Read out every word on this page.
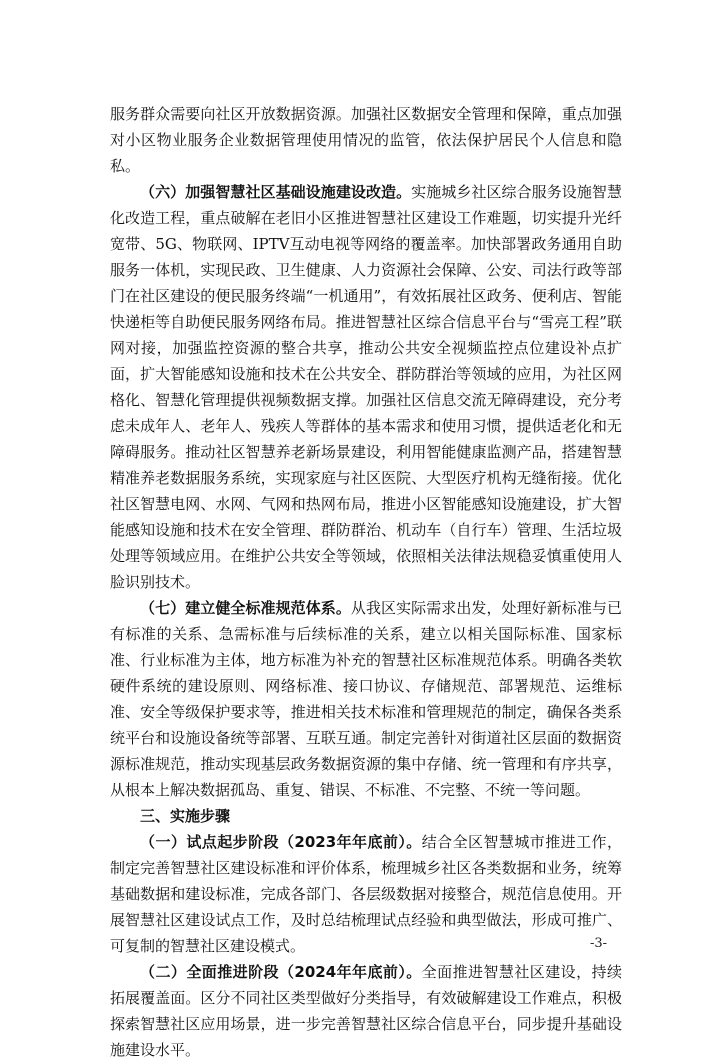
服务群众需要向社区开放数据资源。加强社区数据安全管理和保障，重点加强对小区物业服务企业数据管理使用情况的监管，依法保护居民个人信息和隐私。

（六）加强智慧社区基础设施建设改造。实施城乡社区综合服务设施智慧化改造工程，重点破解在老旧小区推进智慧社区建设工作难题，切实提升光纤宽带、5G、物联网、IPTV互动电视等网络的覆盖率。加快部署政务通用自助服务一体机，实现民政、卫生健康、人力资源社会保障、公安、司法行政等部门在社区建设的便民服务终端“一机通用”，有效拓展社区政务、便利店、智能快递柜等自助便民服务网络布局。推进智慧社区综合信息平台与“雪亮工程”联网对接，加强监控资源的整合共享，推动公共安全视频监控点位建设补点扩面，扩大智能感知设施和技术在公共安全、群防群治等领域的应用，为社区网格化、智慧化管理提供视频数据支撑。加强社区信息交流无障碍建设，充分考虑未成年人、老年人、残疾人等群体的基本需求和使用习惯，提供适老化和无障碍服务。推动社区智慧养老新场景建设，利用智能健康监测产品，搭建智慧精准养老数据服务系统，实现家庭与社区医院、大型医疗机构无缝衔接。优化社区智慧电网、水网、气网和热网布局，推进小区智能感知设施建设，扩大智能感知设施和技术在安全管理、群防群治、机动车（自行车）管理、生活垃圾处理等领域应用。在维护公共安全等领域，依照相关法律法规稳妥慎重使用人脸识别技术。

（七）建立健全标准规范体系。从我区实际需求出发，处理好新标准与已有标准的关系、急需标准与后续标准的关系，建立以相关国际标准、国家标准、行业标准为主体，地方标准为补充的智慧社区标准规范体系。明确各类软硬件系统的建设原则、网络标准、接口协议、存储规范、部署规范、运维标准、安全等级保护要求等，推进相关技术标准和管理规范的制定，确保各类系统平台和设施设备统等部署、互联互通。制定完善针对街道社区层面的数据资源标准规范，推动实现基层政务数据资源的集中存储、统一管理和有序共享，从根本上解决数据孤岛、重复、错误、不标准、不完整、不统一等问题。

三、实施步骤

（一）试点起步阶段（2023年年底前）。结合全区智慧城市推进工作，制定完善智慧社区建设标准和评价体系，梳理城乡社区各类数据和业务，统筹基础数据和建设标准，完成各部门、各层级数据对接整合，规范信息使用。开展智慧社区建设试点工作，及时总结梳理试点经验和典型做法，形成可推广、可复制的智慧社区建设模式。

（二）全面推进阶段（2024年年底前）。全面推进智慧社区建设，持续拓展覆盖面。区分不同社区类型做好分类指导，有效破解建设工作难点，积极探索智慧社区应用场景，进一步完善智慧社区综合信息平台，同步提升基础设施建设水平。

-3-
